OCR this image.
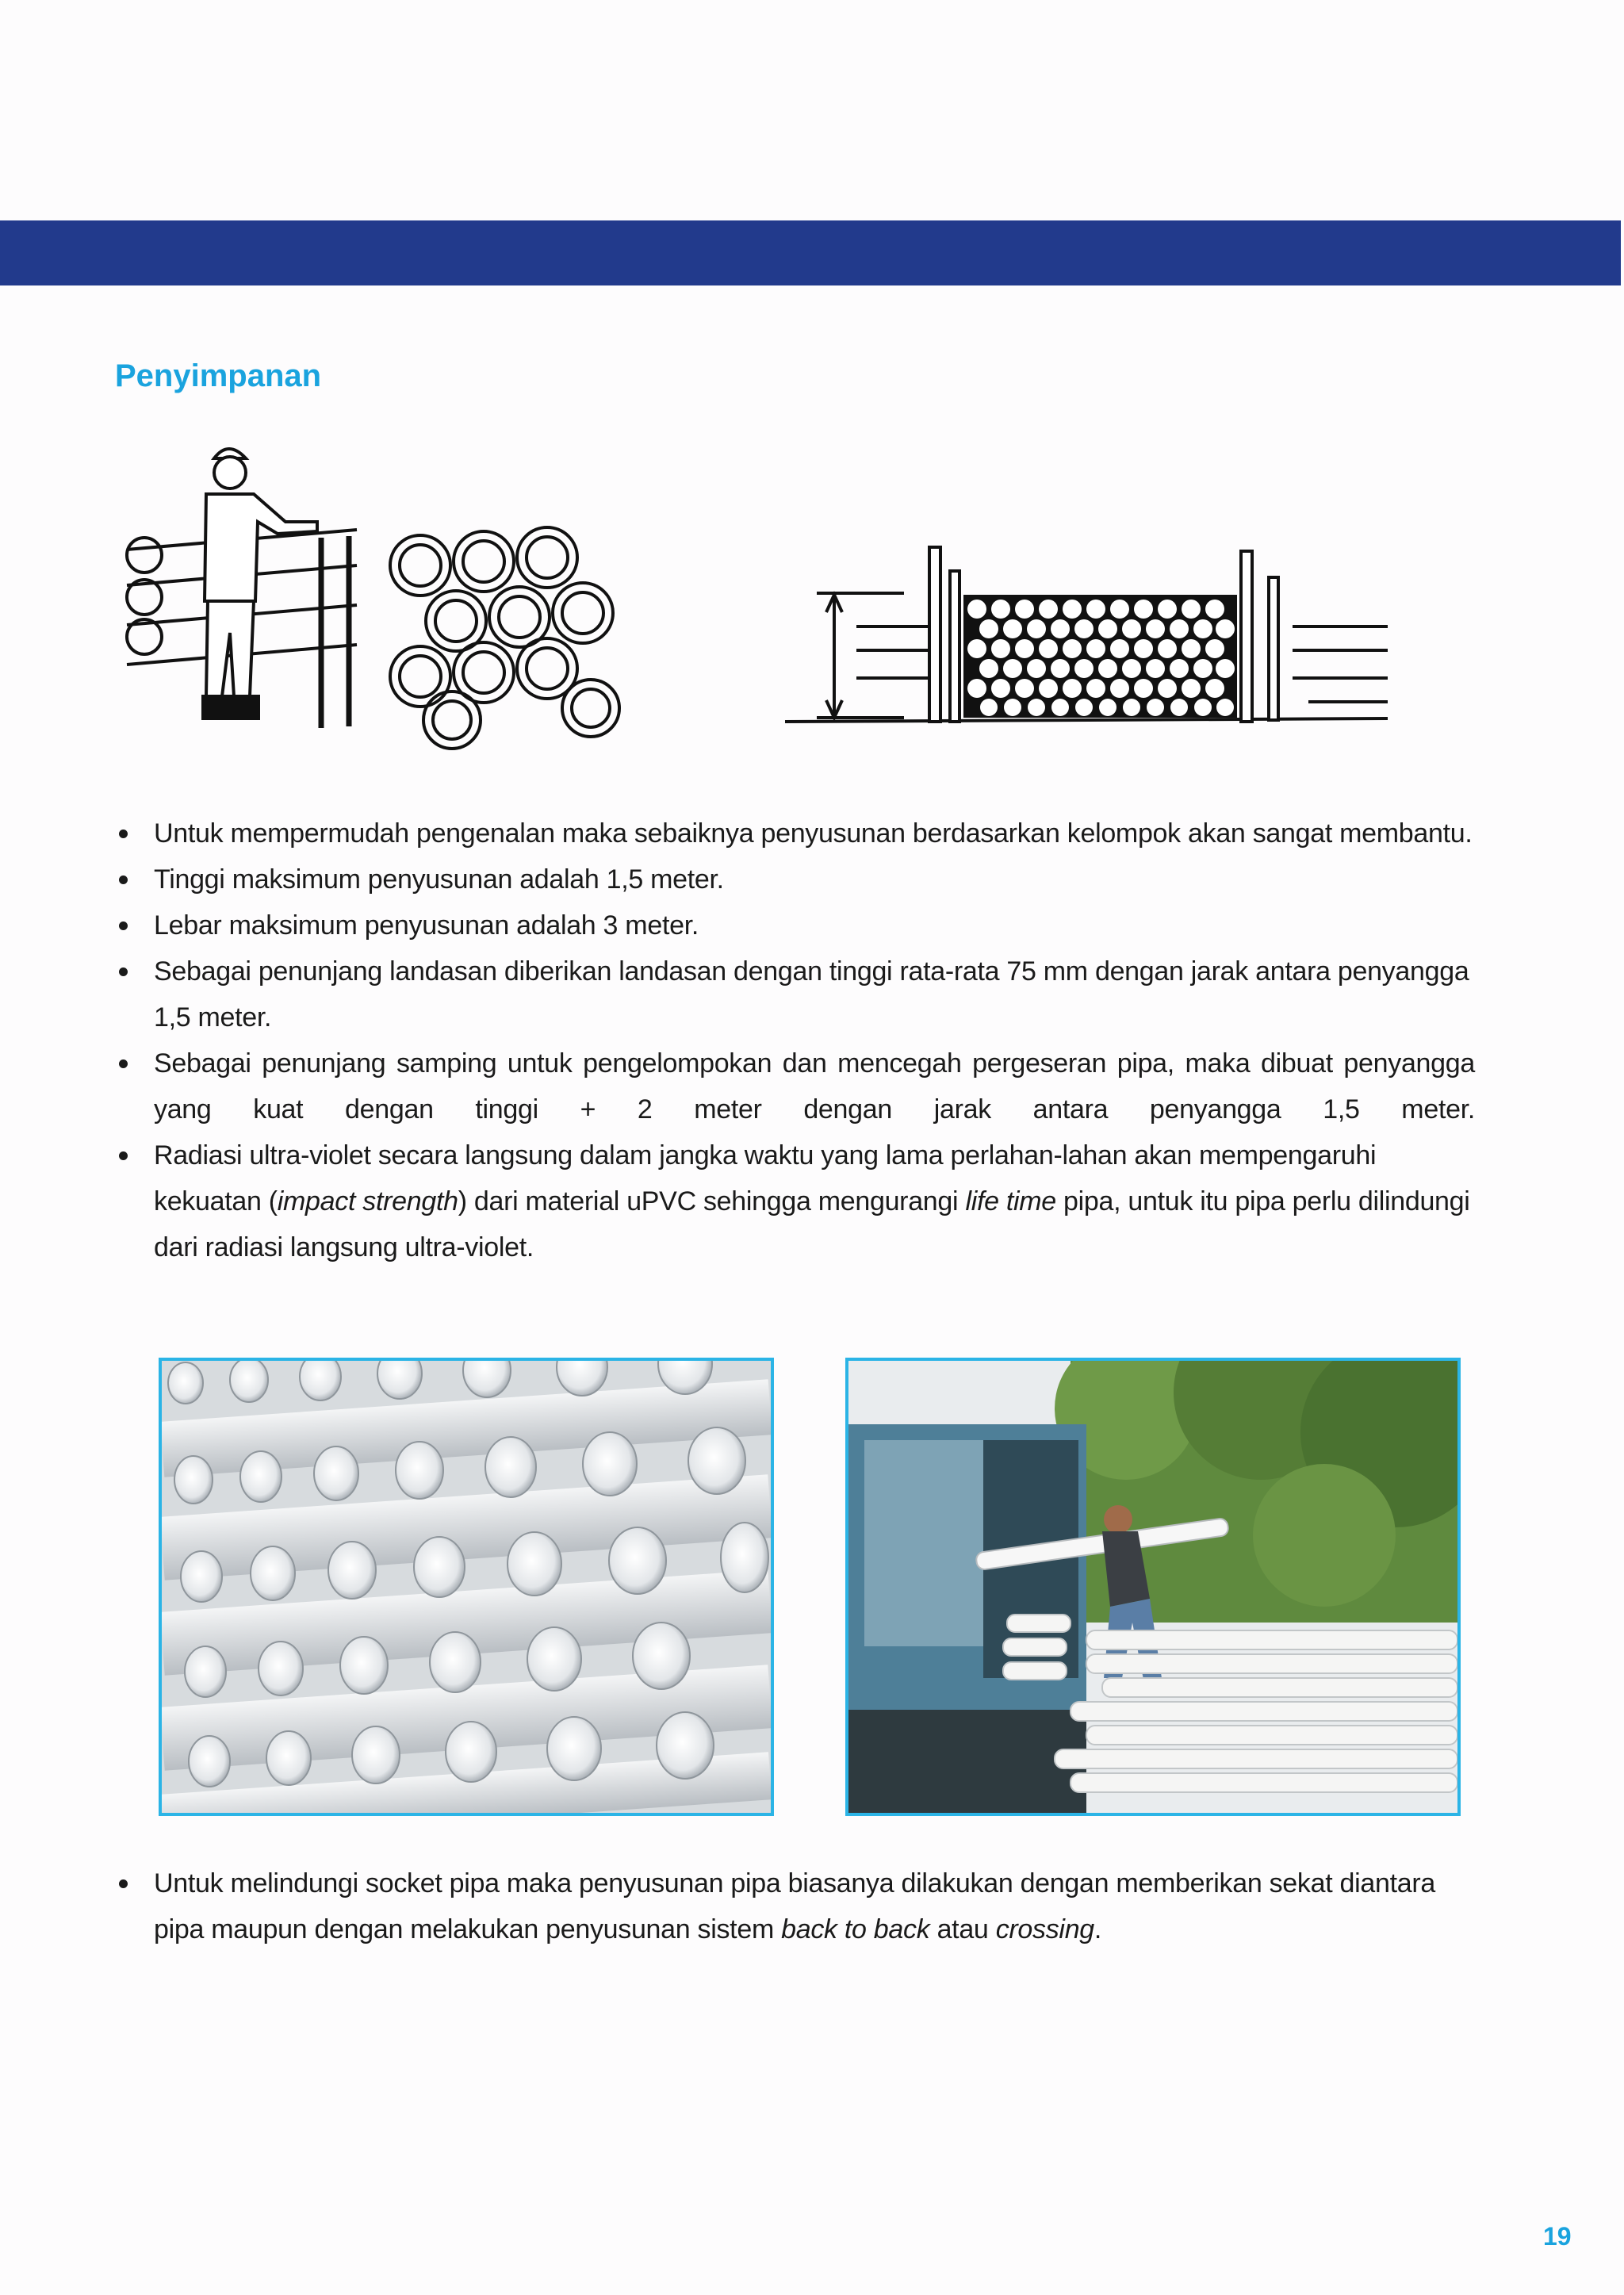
Penyimpanan
Untuk mempermudah pengenalan maka sebaiknya penyusunan berdasarkan kelompok akan sangat membantu.
Tinggi maksimum penyusunan adalah 1,5 meter.
Lebar maksimum penyusunan adalah 3 meter.
Sebagai penunjang landasan diberikan landasan dengan tinggi rata-rata 75 mm dengan jarak antara penyangga 1,5 meter.
Sebagai penunjang samping untuk pengelompokan dan mencegah pergeseran pipa, maka dibuat penyangga yang kuat dengan tinggi + 2 meter dengan jarak antara penyangga 1,5 meter.
Radiasi ultra-violet secara langsung dalam jangka waktu yang lama perlahan-lahan akan mempengaruhi kekuatan (impact strength) dari material uPVC sehingga mengurangi life time pipa, untuk itu pipa perlu dilindungi dari radiasi langsung ultra-violet.
Untuk melindungi socket pipa maka penyusunan pipa biasanya dilakukan dengan memberikan sekat diantara pipa maupun dengan melakukan penyusunan sistem back to back atau crossing.
19
